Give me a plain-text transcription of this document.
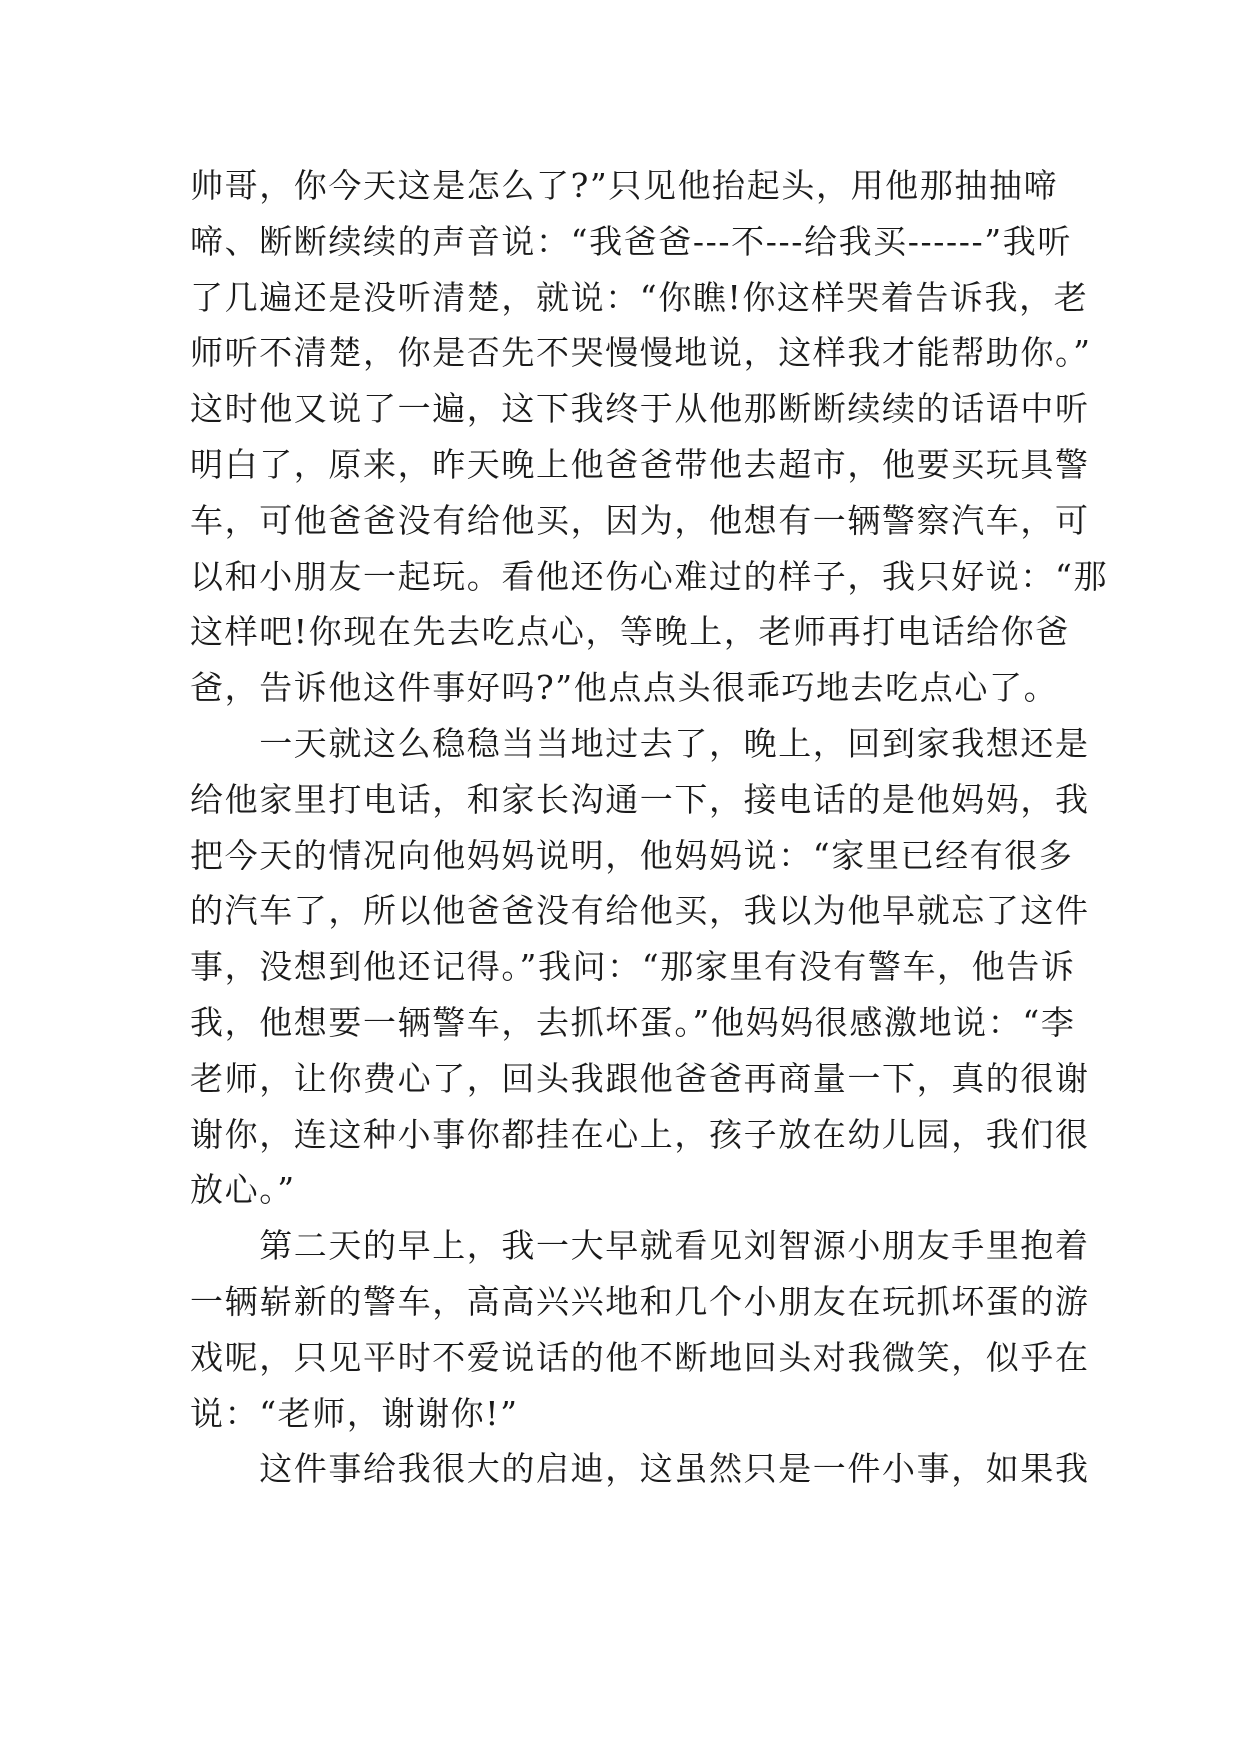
帅哥，你今天这是怎么了?”只见他抬起头，用他那抽抽啼
啼、断断续续的声音说：“我爸爸---不---给我买------”我听
了几遍还是没听清楚，就说：“你瞧!你这样哭着告诉我，老
师听不清楚，你是否先不哭慢慢地说，这样我才能帮助你。”
这时他又说了一遍，这下我终于从他那断断续续的话语中听
明白了，原来，昨天晚上他爸爸带他去超市，他要买玩具警
车，可他爸爸没有给他买，因为，他想有一辆警察汽车，可
以和小朋友一起玩。看他还伤心难过的样子，我只好说：“那
这样吧!你现在先去吃点心，等晚上，老师再打电话给你爸
爸，告诉他这件事好吗?”他点点头很乖巧地去吃点心了。
　　一天就这么稳稳当当地过去了，晚上，回到家我想还是
给他家里打电话，和家长沟通一下，接电话的是他妈妈，我
把今天的情况向他妈妈说明，他妈妈说：“家里已经有很多
的汽车了，所以他爸爸没有给他买，我以为他早就忘了这件
事，没想到他还记得。”我问：“那家里有没有警车，他告诉
我，他想要一辆警车，去抓坏蛋。”他妈妈很感激地说：“李
老师，让你费心了，回头我跟他爸爸再商量一下，真的很谢
谢你，连这种小事你都挂在心上，孩子放在幼儿园，我们很
放心。”
　　第二天的早上，我一大早就看见刘智源小朋友手里抱着
一辆崭新的警车，高高兴兴地和几个小朋友在玩抓坏蛋的游
戏呢，只见平时不爱说话的他不断地回头对我微笑，似乎在
说：“老师，谢谢你!”
　　这件事给我很大的启迪，这虽然只是一件小事，如果我
